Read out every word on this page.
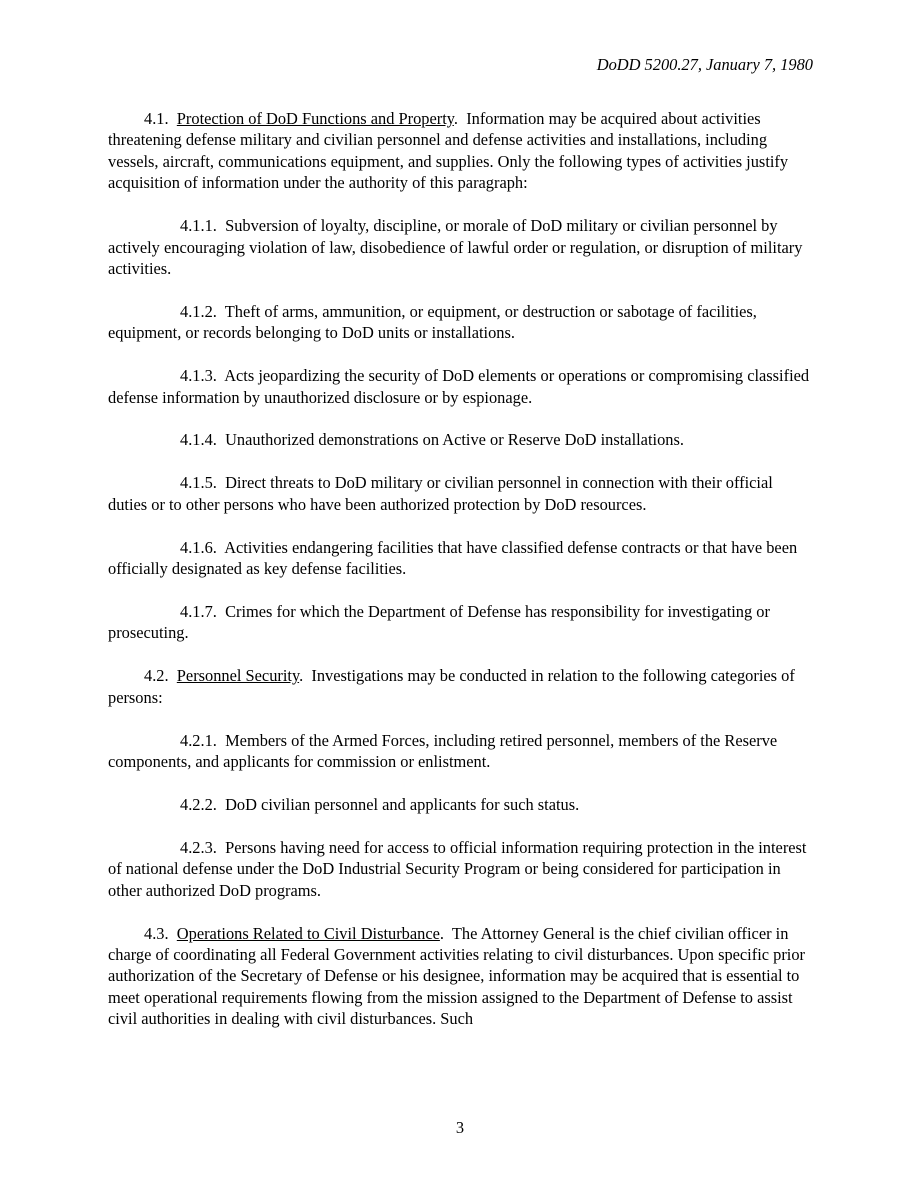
DoDD 5200.27, January 7, 1980

4.1. Protection of DoD Functions and Property.  Information may be acquired about activities threatening defense military and civilian personnel and defense activities and installations, including vessels, aircraft, communications equipment, and supplies. Only the following types of activities justify acquisition of information under the authority of this paragraph:

4.1.1. Subversion of loyalty, discipline, or morale of DoD military or civilian personnel by actively encouraging violation of law, disobedience of lawful order or regulation, or disruption of military activities.

4.1.2. Theft of arms, ammunition, or equipment, or destruction or sabotage of facilities, equipment, or records belonging to DoD units or installations.

4.1.3. Acts jeopardizing the security of DoD elements or operations or compromising classified defense information by unauthorized disclosure or by espionage.

4.1.4. Unauthorized demonstrations on Active or Reserve DoD installations.

4.1.5. Direct threats to DoD military or civilian personnel in connection with their official duties or to other persons who have been authorized protection by DoD resources.

4.1.6. Activities endangering facilities that have classified defense contracts or that have been officially designated as key defense facilities.

4.1.7. Crimes for which the Department of Defense has responsibility for investigating or prosecuting.

4.2. Personnel Security.  Investigations may be conducted in relation to the following categories of persons:

4.2.1. Members of the Armed Forces, including retired personnel, members of the Reserve components, and applicants for commission or enlistment.

4.2.2. DoD civilian personnel and applicants for such status.

4.2.3. Persons having need for access to official information requiring protection in the interest of national defense under the DoD Industrial Security Program or being considered for participation in other authorized DoD programs.

4.3. Operations Related to Civil Disturbance.  The Attorney General is the chief civilian officer in charge of coordinating all Federal Government activities relating to civil disturbances. Upon specific prior authorization of the Secretary of Defense or his designee, information may be acquired that is essential to meet operational requirements flowing from the mission assigned to the Department of Defense to assist civil authorities in dealing with civil disturbances. Such

3
